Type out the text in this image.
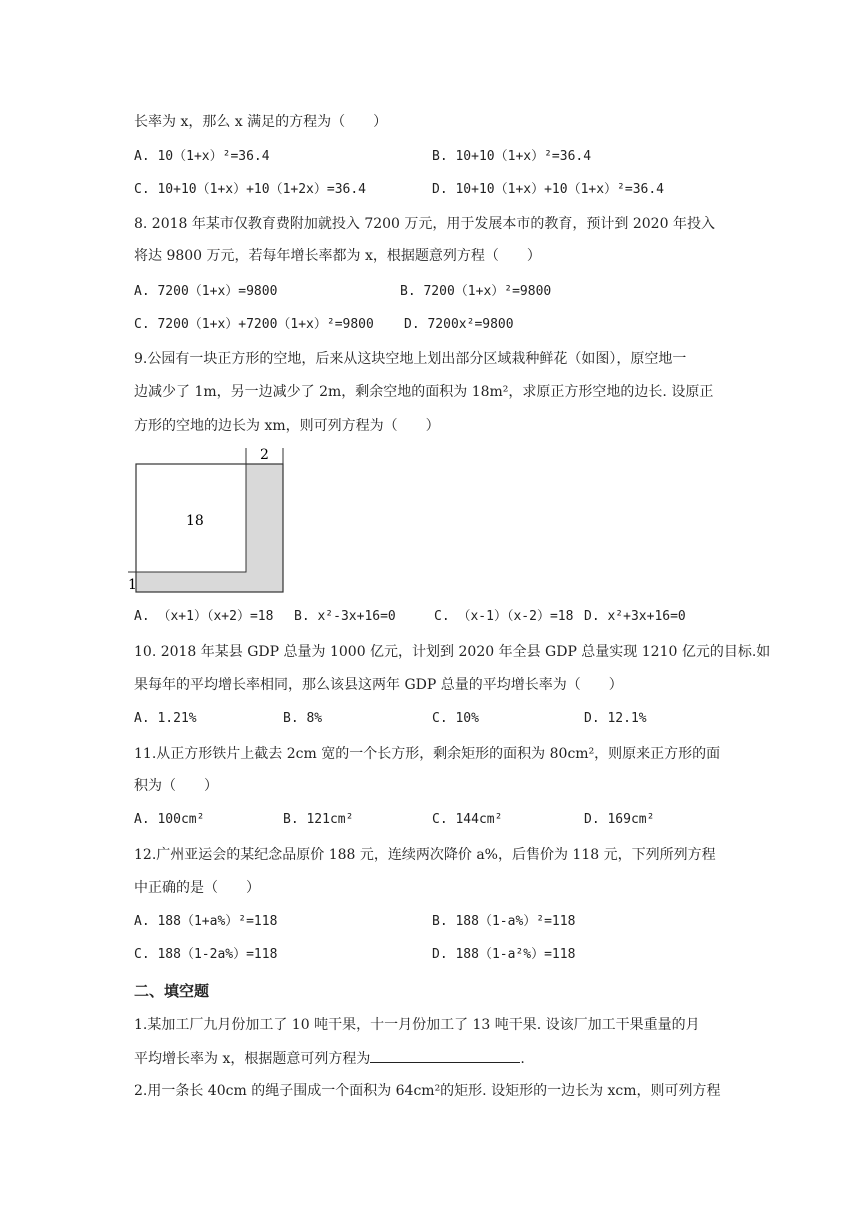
长率为 x，那么 x 满足的方程为（　　）
A. 10（1+x）²=36.4	B. 10+10（1+x）²=36.4
C. 10+10（1+x）+10（1+2x）=36.4	D. 10+10（1+x）+10（1+x）²=36.4
8. 2018 年某市仅教育费附加就投入 7200 万元，用于发展本市的教育，预计到 2020 年投入
将达 9800 万元，若每年增长率都为 x，根据题意列方程（　　）
A. 7200（1+x）=9800	B. 7200（1+x）²=9800
C. 7200（1+x）+7200（1+x）²=9800 D. 7200x²=9800
9.公园有一块正方形的空地，后来从这块空地上划出部分区域栽种鲜花（如图），原空地一
边减少了 1m，另一边减少了 2m，剩余空地的面积为 18m²，求原正方形空地的边长. 设原正
方形的空地的边长为 xm，则可列方程为（　　）
18
2
1
A. （x+1）（x+2）=18 B. x²-3x+16=0	C. （x-1）（x-2）=18 D. x²+3x+16=0
10. 2018 年某县 GDP 总量为 1000 亿元，计划到 2020 年全县 GDP 总量实现 1210 亿元的目标.如
果每年的平均增长率相同，那么该县这两年 GDP 总量的平均增长率为（　　）
A. 1.21%	B. 8%	C. 10%	D. 12.1%
11.从正方形铁片上截去 2cm 宽的一个长方形，剩余矩形的面积为 80cm²，则原来正方形的面
积为（　　）
A. 100cm²	B. 121cm²	C. 144cm²	D. 169cm²
12.广州亚运会的某纪念品原价 188 元，连续两次降价 a%，后售价为 118 元，下列所列方程
中正确的是（　　）
A. 188（1+a%）²=118	B. 188（1-a%）²=118
C. 188（1-2a%）=118	D. 188（1-a²%）=118
二、填空题
1.某加工厂九月份加工了 10 吨干果，十一月份加工了 13 吨干果. 设该厂加工干果重量的月
平均增长率为 x，根据题意可列方程为	.
2.用一条长 40cm 的绳子围成一个面积为 64cm²的矩形. 设矩形的一边长为 xcm，则可列方程
